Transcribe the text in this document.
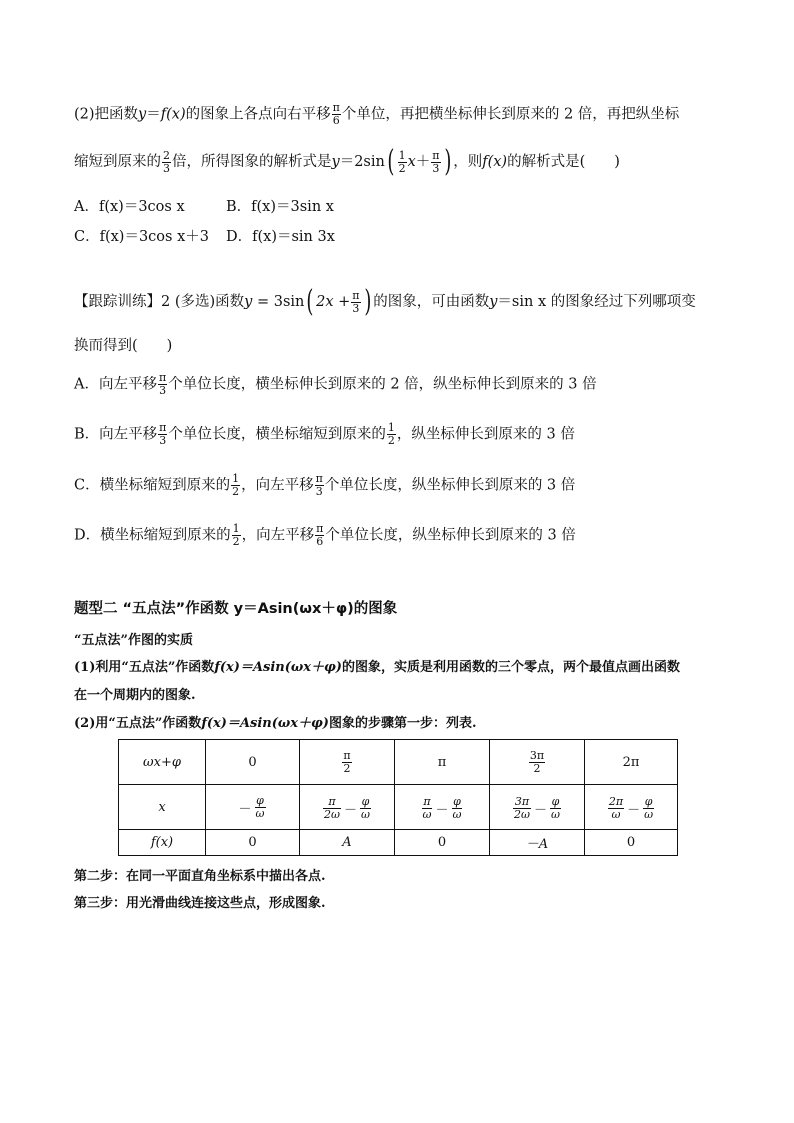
(2)把函数y＝f(x)的图象上各点向右平移 $\frac{\pi}{6}$ 个单位，再把横坐标伸长到原来的 2 倍，再把纵坐标
缩短到原来的 $\frac{2}{3}$ 倍，所得图象的解析式是$y=2\sin( \frac{1}{2} x+ \frac{\pi}{3}$ ) ，则f(x)的解析式是(　　)
A．f(x)＝3cos x	B．f(x)＝3sin x
C．f(x)＝3cos x＋3 D．f(x)＝sin 3x
【跟踪训练】2 (多选)函数y = 3sin( $2x + \frac{\pi}{3}$ ) 的图象，可由函数y＝sin x 的图象经过下列哪项变
换而得到(　　)
A．向左平移 $\frac{\pi}{3}$ 个单位长度，横坐标伸长到原来的 2 倍，纵坐标伸长到原来的 3 倍
B．向左平移 $\frac{\pi}{3}$ 个单位长度，横坐标缩短到原来的 $\frac{1}{2}$ ，纵坐标伸长到原来的 3 倍
C．横坐标缩短到原来的 $\frac{1}{2}$ ，向左平移 $\frac{\pi}{3}$ 个单位长度，纵坐标伸长到原来的 3 倍
D．横坐标缩短到原来的 $\frac{1}{2}$ ，向左平移 $\frac{\pi}{6}$ 个单位长度，纵坐标伸长到原来的 3 倍
题型二 “五点法”作函数 y＝Asin(ωx＋φ)的图象
“五点法”作图的实质
(1)利用“五点法”作函数f(x)＝Asin(ωx＋φ)的图象，实质是利用函数的三个零点，两个最值点画出函数
在一个周期内的图象.
(2)用“五点法”作函数f(x)＝Asin(ωx＋φ)图象的步骤第一步：列表.
ωx+φ	0	$\frac{\pi}{2}$	π	$\frac{3\pi}{2}$	2π
x	－ $\frac{\varphi}{\omega}$	$\frac{\pi}{2\omega} - \frac{\varphi}{\omega}$	$\frac{\pi}{\omega} - \frac{\varphi}{\omega}$	$\frac{3\pi}{2\omega} - \frac{\varphi}{\omega}$	$\frac{2\pi}{\omega} - \frac{\varphi}{\omega}$

f(x)	0	A	0	－A	0
第二步：在同一平面直角坐标系中描出各点.
第三步：用光滑曲线连接这些点，形成图象.
